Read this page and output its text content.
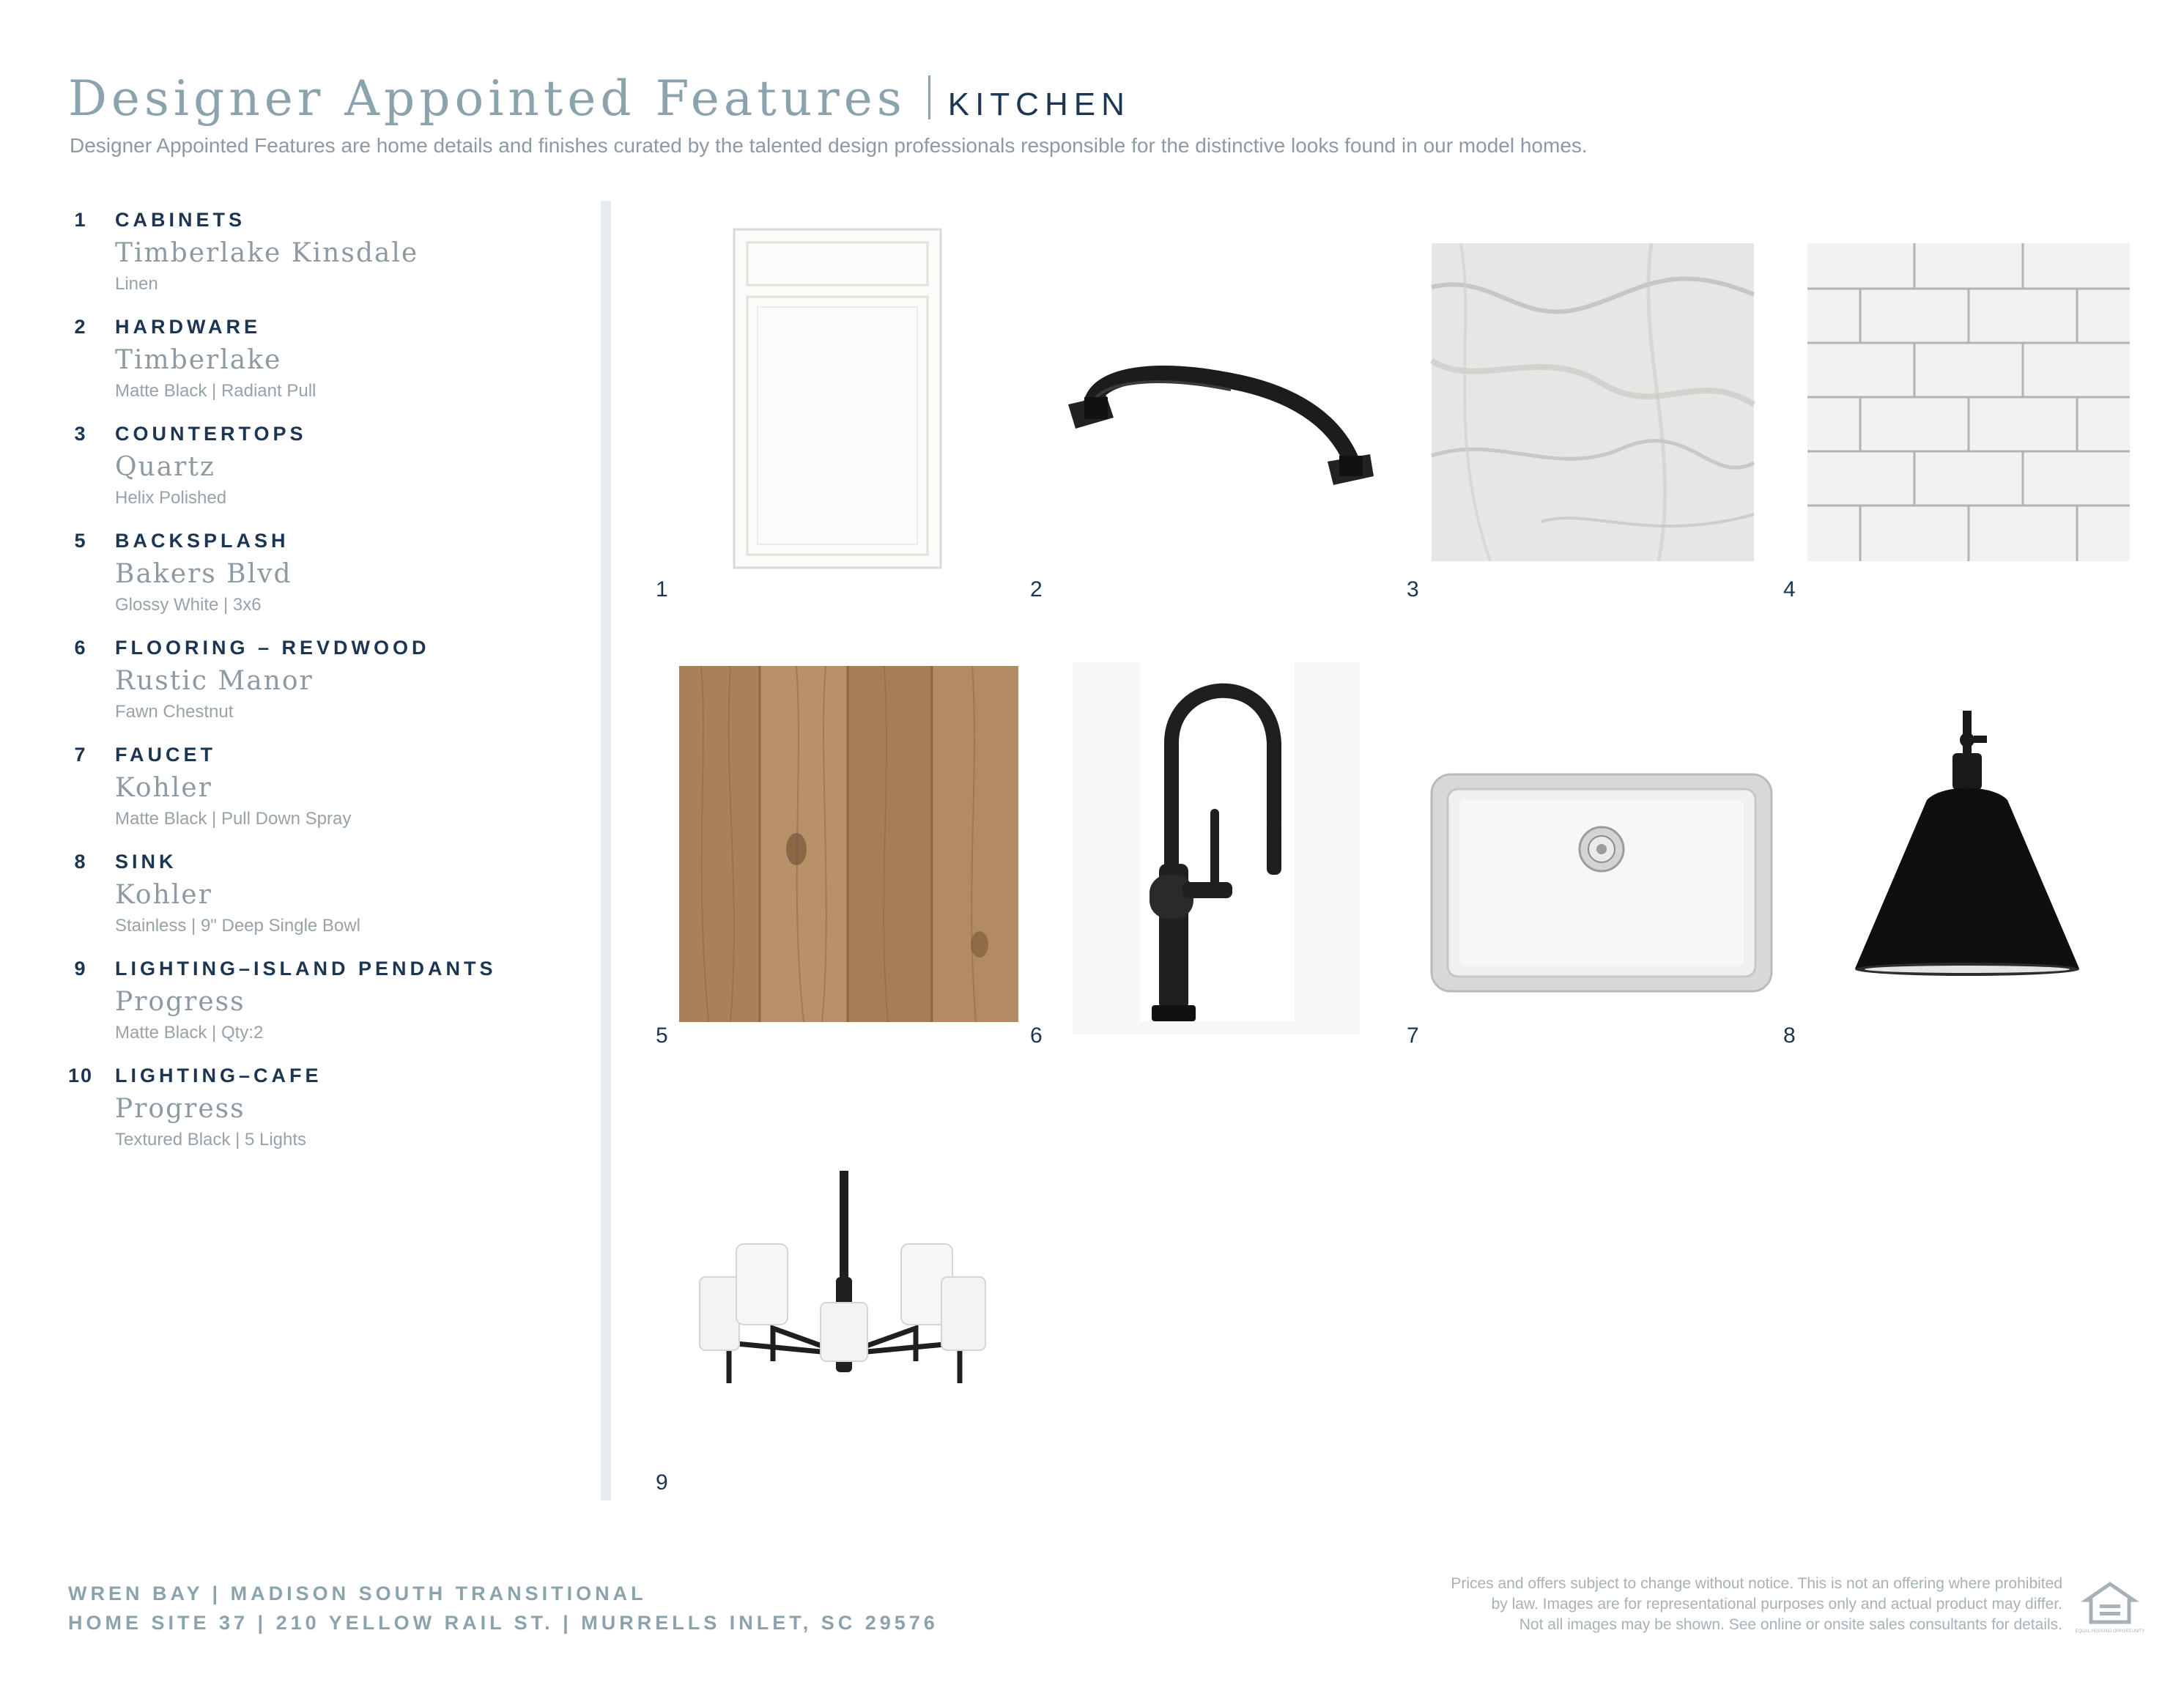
Designer Appointed Features KITCHEN
Designer Appointed Features are home details and finishes curated by the talented design professionals responsible for the distinctive looks found in our model homes.
1	CABINETS
Timberlake Kinsdale
Linen
2	HARDWARE
Timberlake
Matte Black | Radiant Pull
3	COUNTERTOPS
Quartz
Helix Polished
5	BACKSPLASH
Bakers Blvd
Glossy White | 3x6
6	FLOORING – REVDWOOD
Rustic Manor
Fawn Chestnut
7	FAUCET
Kohler
Matte Black | Pull Down Spray
8	SINK
Kohler
Stainless | 9" Deep Single Bowl
9	LIGHTING–ISLAND PENDANTS
Progress
Matte Black | Qty:2
10 LIGHTING–CAFE
Progress
Textured Black | 5 Lights
1	2	3	4
5	6	7	8
9
WREN BAY | MADISON SOUTH TRANSITIONAL
HOME SITE 37 | 210 YELLOW RAIL ST. | MURRELLS INLET, SC 29576
Prices and offers subject to change without notice. This is not an offering where prohibited
by law. Images are for representational purposes only and actual product may differ.
Not all images may be shown. See online or onsite sales consultants for details.	EQUAL HOUSING OPPORTUNITY
